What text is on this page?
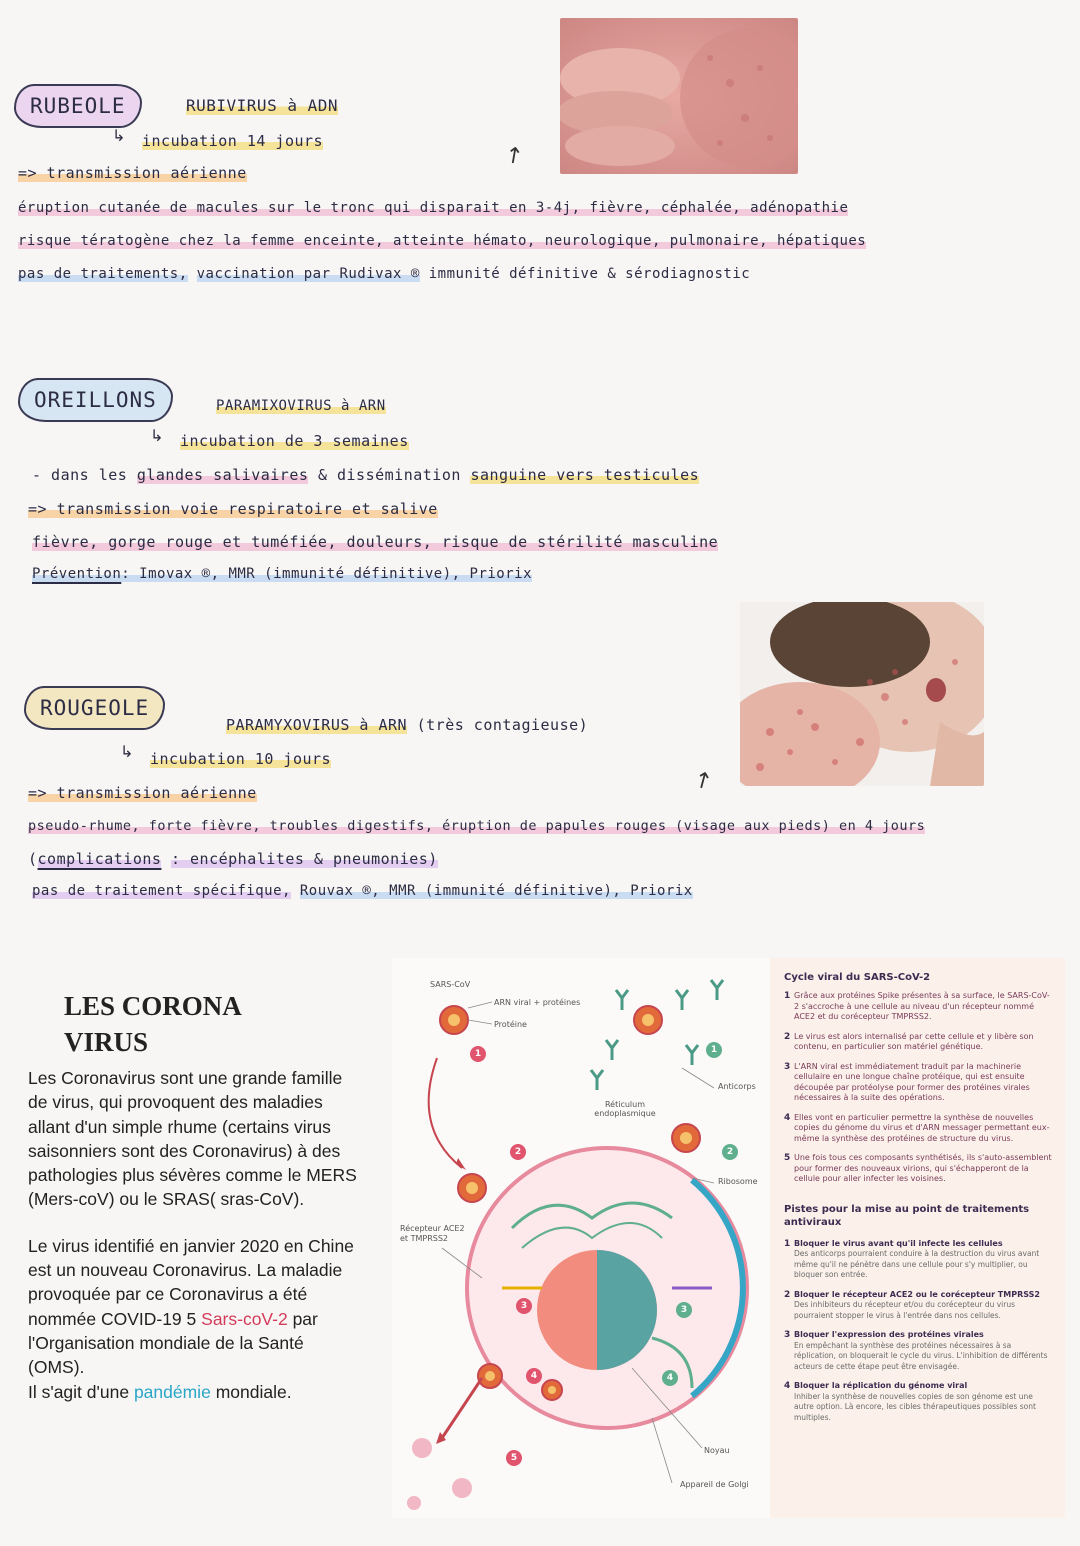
RUBEOLE	RUBIVIRUS à ADN
↳ incubation 14 jours
=> transmission aérienne
éruption cutanée de macules sur le tronc qui disparait en 3-4j, fièvre, céphalée, adénopathie
risque tératogène chez la femme enceinte, atteinte hémato, neurologique, pulmonaire, hépatiques
pas de traitements, vaccination par Rudivax ® immunité définitive & sérodiagnostic
↗
OREILLONS	PARAMIXOVIRUS à ARN
↳ incubation de 3 semaines
- dans les glandes salivaires & dissémination sanguine vers testicules
=> transmission voie respiratoire et salive
fièvre, gorge rouge et tuméfiée, douleurs, risque de stérilité masculine
Prévention: Imovax ®, MMR (immunité définitive), Priorix
↗
ROUGEOLE
PARAMYXOVIRUS à ARN (très contagieuse)
↳ incubation 10 jours
=> transmission aérienne
pseudo-rhume, forte fièvre, troubles digestifs, éruption de papules rouges (visage aux pieds) en 4 jours
(complications : encéphalites & pneumonies)
pas de traitement spécifique, Rouvax ®, MMR (immunité définitive), Priorix
LES CORONA VIRUS

Les Coronavirus sont une grande famille de virus, qui provoquent des maladies allant d'un simple rhume (certains virus saisonniers sont des Coronavirus) à des pathologies plus sévères comme le MERS (Mers-coV) ou le SRAS( sras-CoV).

Le virus identifié en janvier 2020 en Chine est un nouveau Coronavirus. La maladie provoquée par ce Coronavirus a été nommée COVID-19 5 Sars-coV-2 par l'Organisation mondiale de la Santé (OMS).

Il s'agit d'une pandémie mondiale.

SARS-CoV
ARN viral + protéines
Protéine
Réticulum endoplasmique
Anticorps
Ribosome
Récepteur ACE2 et TMPRSS2
Noyau
Appareil de Golgi
1	1
2	2
3	3
4	4
5
Cycle viral du SARS-CoV-2
1 Grâce aux protéines Spike présentes à sa surface, le SARS-CoV-2 s'accroche à une cellule au niveau d'un récepteur nommé ACE2 et du corécepteur TMPRSS2.
2 Le virus est alors internalisé par cette cellule et y libère son contenu, en particulier son matériel génétique.
3 L'ARN viral est immédiatement traduit par la machinerie cellulaire en une longue chaîne protéique, qui est ensuite découpée par protéolyse pour former des protéines virales nécessaires à la suite des opérations.
4 Elles vont en particulier permettre la synthèse de nouvelles copies du génome du virus et d'ARN messager permettant eux-même la synthèse des protéines de structure du virus.
5 Une fois tous ces composants synthétisés, ils s'auto-assemblent pour former des nouveaux virions, qui s'échapperont de la cellule pour aller infecter les voisines.
Pistes pour la mise au point de traitements antiviraux
1 Bloquer le virus avant qu'il infecte les cellules
Des anticorps pourraient conduire à la destruction du virus avant même qu'il ne pénètre dans une cellule pour s'y multiplier, ou bloquer son entrée.
2 Bloquer le récepteur ACE2 ou le corécepteur TMPRSS2
Des inhibiteurs du récepteur et/ou du corécepteur du virus pourraient stopper le virus à l'entrée dans nos cellules.
3 Bloquer l'expression des protéines virales
En empêchant la synthèse des protéines nécessaires à sa réplication, on bloquerait le cycle du virus. L'inhibition de différents acteurs de cette étape peut être envisagée.
4 Bloquer la réplication du génome viral
Inhiber la synthèse de nouvelles copies de son génome est une autre option. Là encore, les cibles thérapeutiques possibles sont multiples.
